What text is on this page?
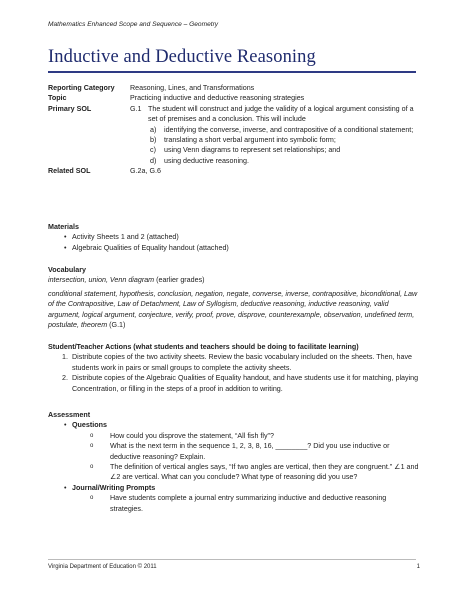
Mathematics Enhanced Scope and Sequence – Geometry
Inductive and Deductive Reasoning
Reporting Category	Reasoning, Lines, and Transformations
Topic	Practicing inductive and deductive reasoning strategies
Primary SOL	G.1 The student will construct and judge the validity of a logical argument consisting of a set of premises and a conclusion. This will include
a)	identifying the converse, inverse, and contrapositive of a conditional statement;
b)	translating a short verbal argument into symbolic form;
c)	using Venn diagrams to represent set relationships; and
d)	using deductive reasoning.
Related SOL	G.2a, G.6
Materials
• Activity Sheets 1 and 2 (attached)
• Algebraic Qualities of Equality handout (attached)
Vocabulary
intersection, union, Venn diagram (earlier grades)
conditional statement, hypothesis, conclusion, negation, negate, converse, inverse, contrapositive, biconditional, Law of the Contrapositive, Law of Detachment, Law of Syllogism, deductive reasoning, inductive reasoning, valid argument, logical argument, conjecture, verify, proof, prove, disprove, counterexample, observation, undefined term, postulate, theorem (G.1)
Student/Teacher Actions (what students and teachers should be doing to facilitate learning)
1. Distribute copies of the two activity sheets. Review the basic vocabulary included on the sheets. Then, have students work in pairs or small groups to complete the activity sheets.
2. Distribute copies of the Algebraic Qualities of Equality handout, and have students use it for matching, playing Concentration, or filling in the steps of a proof in addition to writing.
Assessment
• Questions
o	How could you disprove the statement, “All fish fly”?
o	What is the next term in the sequence 1, 2, 3, 8, 16, ________? Did you use inductive or deductive reasoning? Explain.
o	The definition of vertical angles says, “If two angles are vertical, then they are congruent.” ∠1 and ∠2 are vertical. What can you conclude? What type of reasoning did you use?
• Journal/Writing Prompts
o	Have students complete a journal entry summarizing inductive and deductive reasoning strategies.
Virginia Department of Education © 2011	1
